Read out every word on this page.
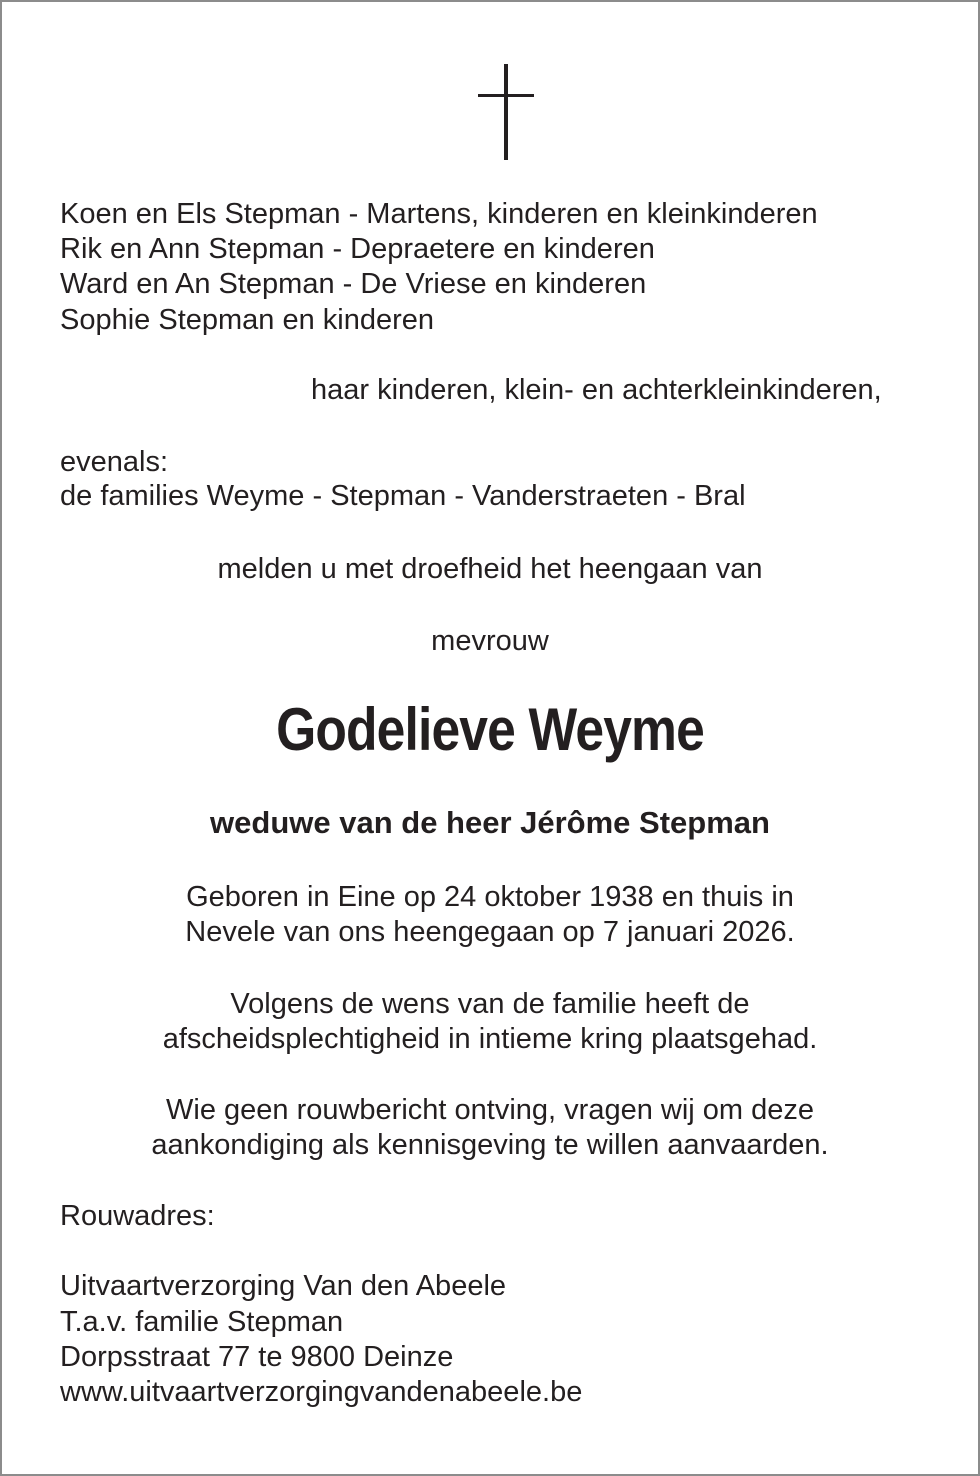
Koen en Els Stepman - Martens, kinderen en kleinkinderen

Rik en Ann Stepman - Depraetere en kinderen

Ward en An Stepman - De Vriese en kinderen

Sophie Stepman en kinderen

haar kinderen, klein- en achterkleinkinderen,

evenals:

de families Weyme - Stepman - Vanderstraeten - Bral

melden u met droefheid het heengaan van

mevrouw

Godelieve Weyme

weduwe van de heer Jérôme Stepman

Geboren in Eine op 24 oktober 1938 en thuis in

Nevele van ons heengegaan op 7 januari 2026.

Volgens de wens van de familie heeft de

afscheidsplechtigheid in intieme kring plaatsgehad.

Wie geen rouwbericht ontving, vragen wij om deze

aankondiging als kennisgeving te willen aanvaarden.

Rouwadres:

Uitvaartverzorging Van den Abeele

T.a.v. familie Stepman

Dorpsstraat 77 te 9800 Deinze

www.uitvaartverzorgingvandenabeele.be
